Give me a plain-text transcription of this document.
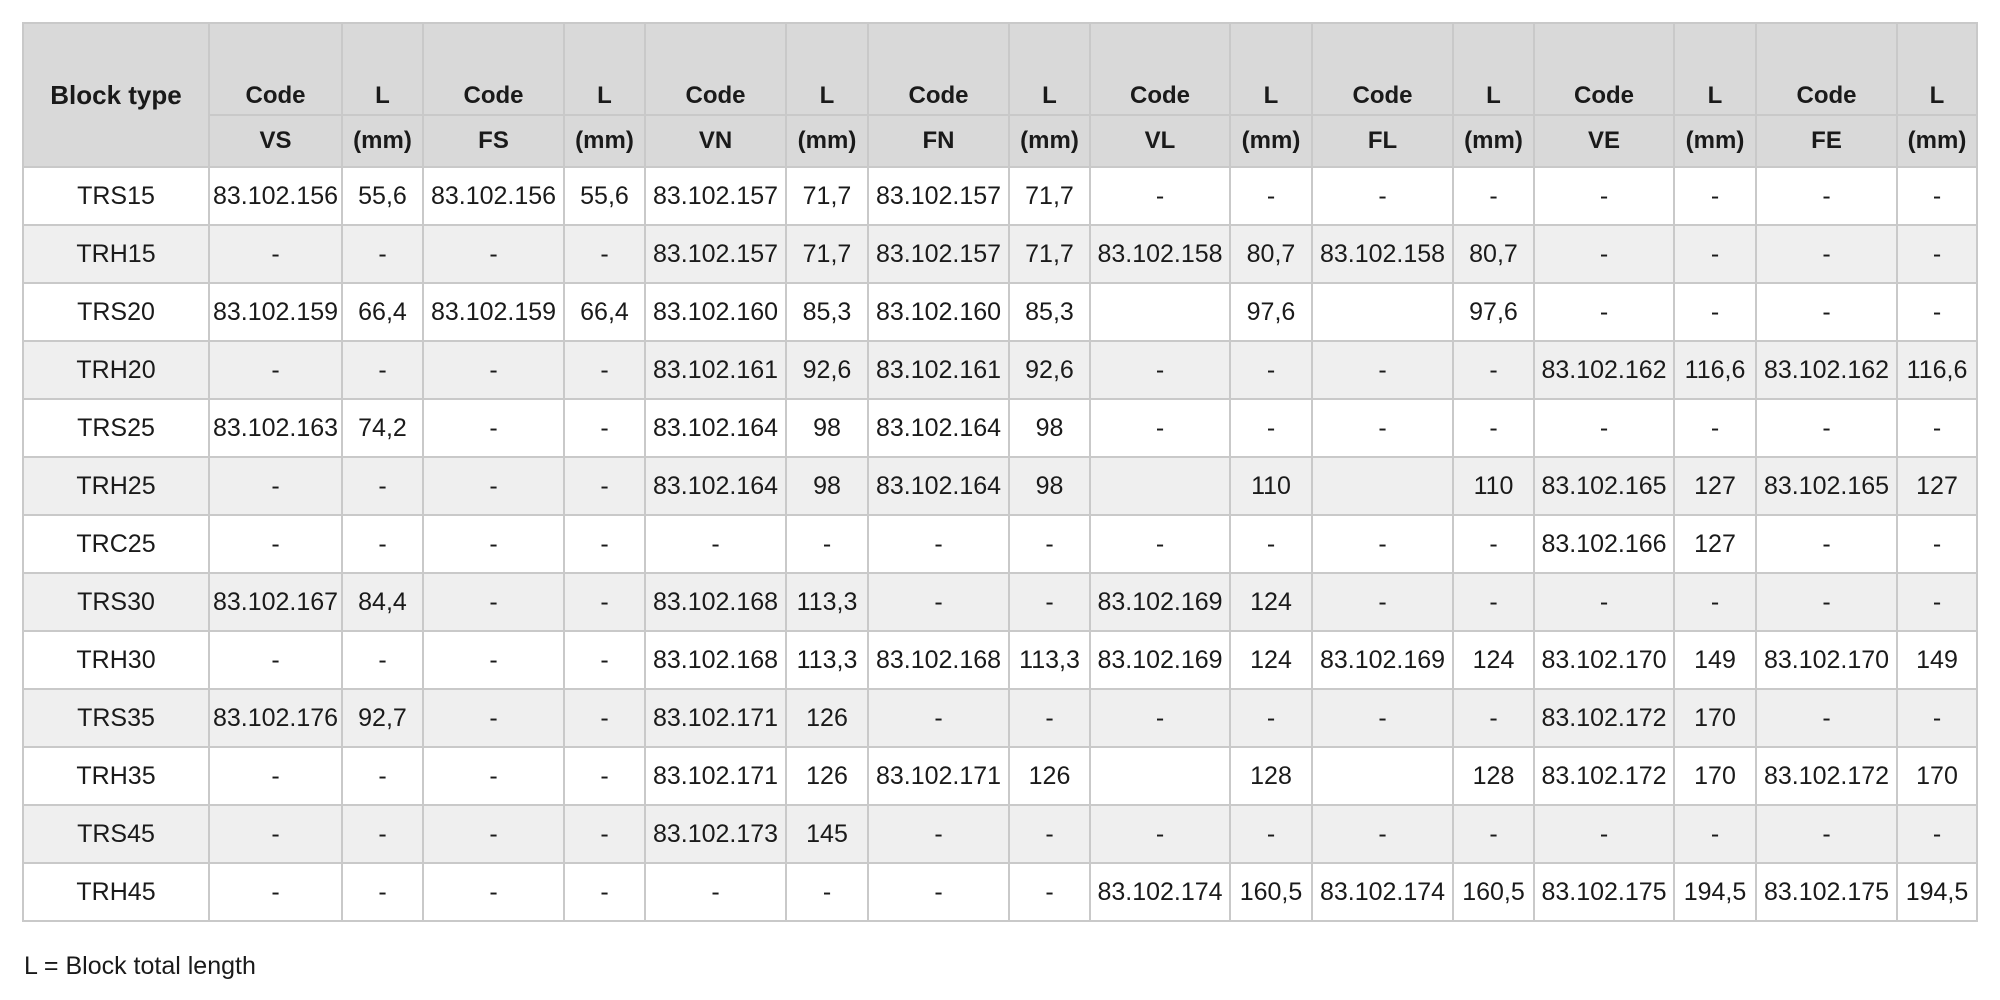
Block type	Code	L	Code	L	Code	L	Code	L	Code	L	Code	L	Code	L	Code	L
	VS	(mm)	FS	(mm)	VN	(mm)	FN	(mm)	VL	(mm)	FL	(mm)	VE	(mm)	FE	(mm)
TRS15	83.102.156	55,6	83.102.156	55,6	83.102.157	71,7	83.102.157	71,7	-	-	-	-	-	-	-	-
TRH15	-	-	-	-	83.102.157	71,7	83.102.157	71,7	83.102.158	80,7	83.102.158	80,7	-	-	-	-
TRS20	83.102.159	66,4	83.102.159	66,4	83.102.160	85,3	83.102.160	85,3		97,6		97,6	-	-	-	-
TRH20	-	-	-	-	83.102.161	92,6	83.102.161	92,6	-	-	-	-	83.102.162	116,6	83.102.162	116,6
TRS25	83.102.163	74,2	-	-	83.102.164	98	83.102.164	98	-	-	-	-	-	-	-	-
TRH25	-	-	-	-	83.102.164	98	83.102.164	98		110		110	83.102.165	127	83.102.165	127
TRC25	-	-	-	-	-	-	-	-	-	-	-	-	83.102.166	127	-	-
TRS30	83.102.167	84,4	-	-	83.102.168	113,3	-	-	83.102.169	124	-	-	-	-	-	-
TRH30	-	-	-	-	83.102.168	113,3	83.102.168	113,3	83.102.169	124	83.102.169	124	83.102.170	149	83.102.170	149
TRS35	83.102.176	92,7	-	-	83.102.171	126	-	-	-	-	-	-	83.102.172	170	-	-
TRH35	-	-	-	-	83.102.171	126	83.102.171	126		128		128	83.102.172	170	83.102.172	170
TRS45	-	-	-	-	83.102.173	145	-	-	-	-	-	-	-	-	-	-
TRH45	-	-	-	-	-	-	-	-	83.102.174	160,5	83.102.174	160,5	83.102.175	194,5	83.102.175	194,5
L = Block total length
